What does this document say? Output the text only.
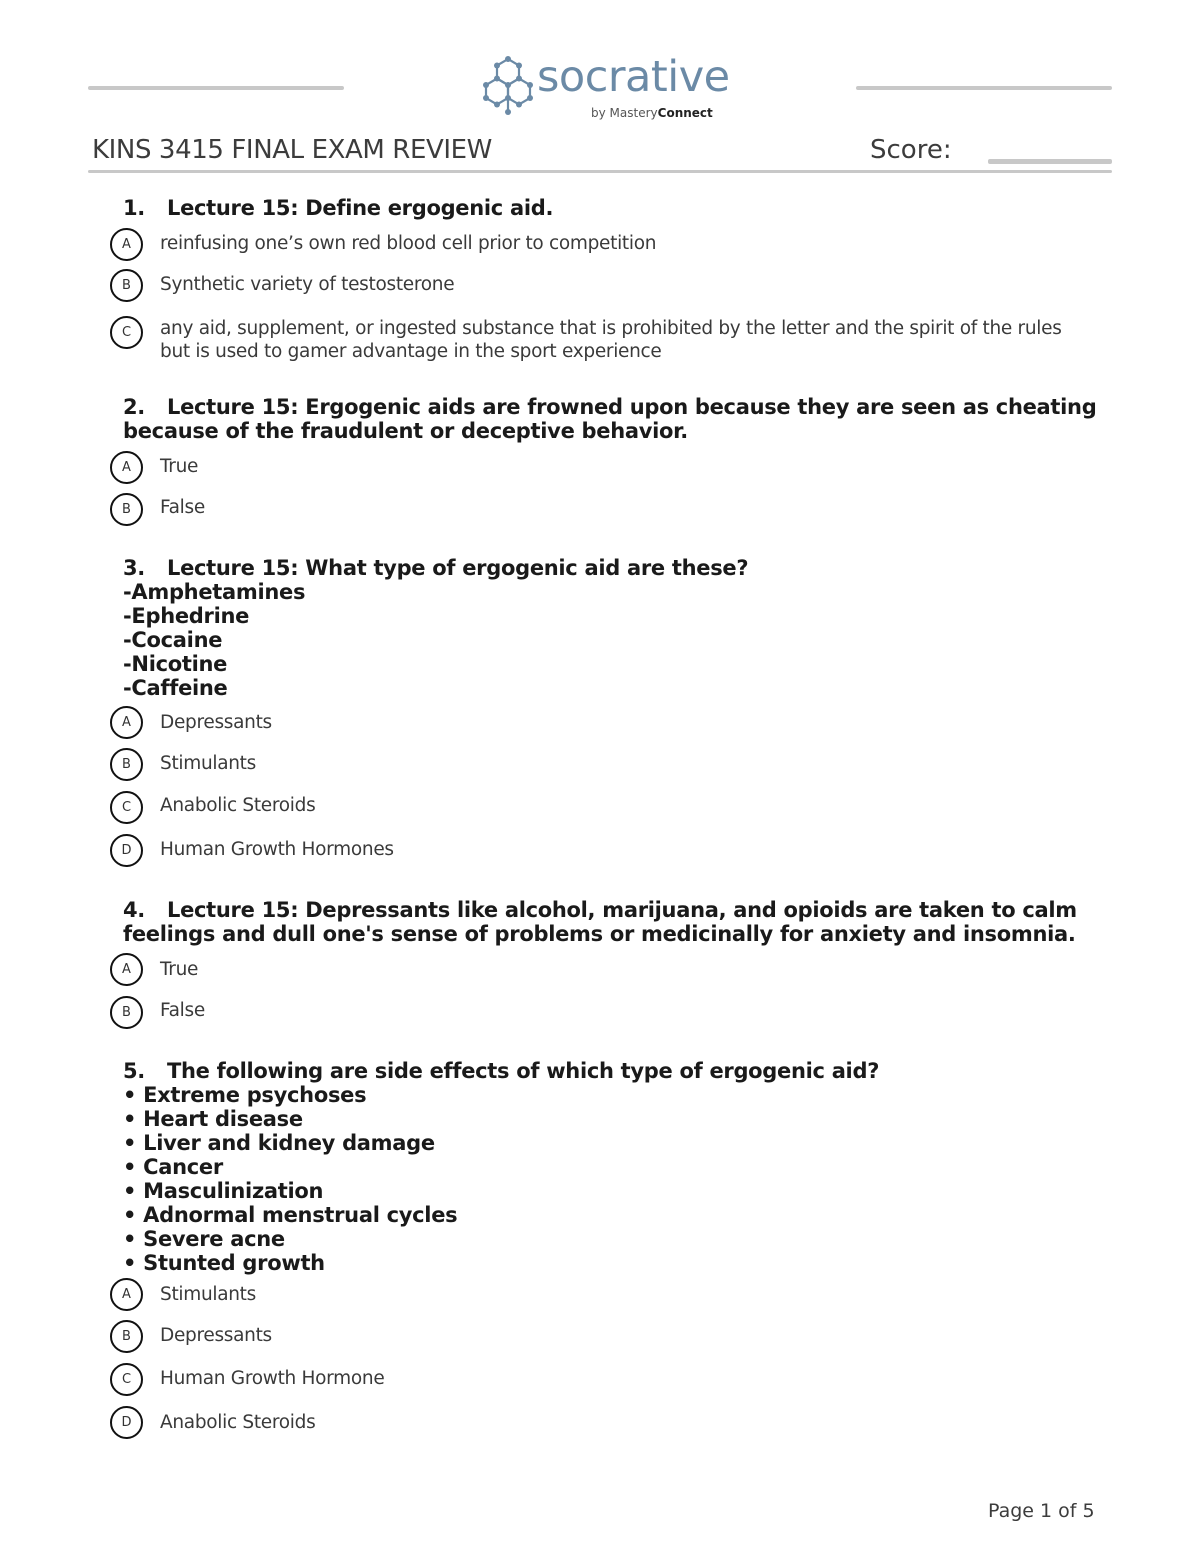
socrative
by MasteryConnect
KINS 3415 FINAL EXAM REVIEW	Score:
1. Lecture 15: Define ergogenic aid.
A	reinfusing one’s own red blood cell prior to competition
B	Synthetic variety of testosterone
C	any aid, supplement, or ingested substance that is prohibited by the letter and the spirit of the rules but is used to gamer advantage in the sport experience
2. Lecture 15: Ergogenic aids are frowned upon because they are seen as cheating
because of the fraudulent or deceptive behavior.
A	True
B	False
3. Lecture 15: What type of ergogenic aid are these?
-Amphetamines
-Ephedrine
-Cocaine
-Nicotine
-Caffeine
A	Depressants
B	Stimulants
C	Anabolic Steroids
D	Human Growth Hormones
4. Lecture 15: Depressants like alcohol, marijuana, and opioids are taken to calm
feelings and dull one's sense of problems or medicinally for anxiety and insomnia.
A	True
B	False
5. The following are side effects of which type of ergogenic aid?
• Extreme psychoses
• Heart disease
• Liver and kidney damage
• Cancer
• Masculinization
• Adnormal menstrual cycles
• Severe acne
• Stunted growth
A	Stimulants
B	Depressants
C	Human Growth Hormone
D	Anabolic Steroids
Page 1 of 5
